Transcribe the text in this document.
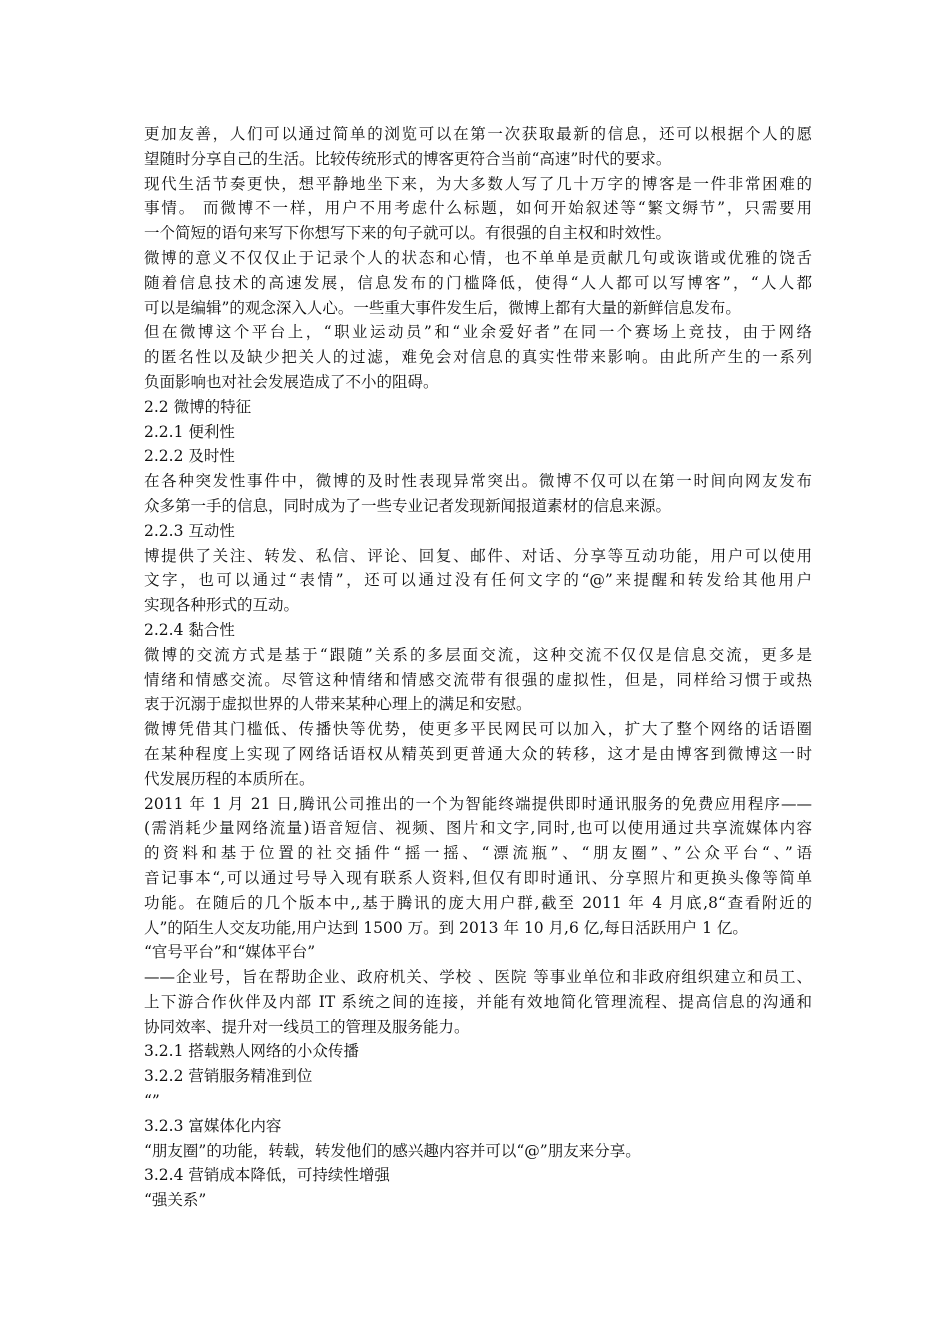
更加友善，人们可以通过简单的浏览可以在第一次获取最新的信息，还可以根据个人的愿
望随时分享自己的生活。比较传统形式的博客更符合当前“高速”时代的要求。
现代生活节奏更快，想平静地坐下来，为大多数人写了几十万字的博客是一件非常困难的
事情。 而微博不一样，用户不用考虑什么标题，如何开始叙述等“繁文缛节”，只需要用
一个简短的语句来写下你想写下来的句子就可以。有很强的自主权和时效性。
微博的意义不仅仅止于记录个人的状态和心情，也不单单是贡献几句或诙谐或优雅的饶舌
随着信息技术的高速发展，信息发布的门槛降低，使得“人人都可以写博客”，“人人都
可以是编辑”的观念深入人心。一些重大事件发生后，微博上都有大量的新鲜信息发布。
但在微博这个平台上，“职业运动员”和“业余爱好者”在同一个赛场上竞技，由于网络
的匿名性以及缺少把关人的过滤，难免会对信息的真实性带来影响。由此所产生的一系列
负面影响也对社会发展造成了不小的阻碍。
2.2 微博的特征
2.2.1 便利性
2.2.2 及时性
在各种突发性事件中，微博的及时性表现异常突出。微博不仅可以在第一时间向网友发布
众多第一手的信息，同时成为了一些专业记者发现新闻报道素材的信息来源。
2.2.3 互动性
博提供了关注、转发、私信、评论、回复、邮件、对话、分享等互动功能，用户可以使用
文字，也可以通过“表情”，还可以通过没有任何文字的“@”来提醒和转发给其他用户
实现各种形式的互动。
2.2.4 黏合性
微博的交流方式是基于“跟随”关系的多层面交流，这种交流不仅仅是信息交流，更多是
情绪和情感交流。尽管这种情绪和情感交流带有很强的虚拟性，但是，同样给习惯于或热
衷于沉溺于虚拟世界的人带来某种心理上的满足和安慰。
微博凭借其门槛低、传播快等优势，使更多平民网民可以加入，扩大了整个网络的话语圈
在某种程度上实现了网络话语权从精英到更普通大众的转移，这才是由博客到微博这一时
代发展历程的本质所在。
2011 年 1 月 21 日,腾讯公司推出的一个为智能终端提供即时通讯服务的免费应用程序——
(需消耗少量网络流量)语音短信、视频、图片和文字,同时,也可以使用通过共享流媒体内容
的资料和基于位置的社交插件“摇一摇、“漂流瓶”、“朋友圈”、”公众平台“、”语
音记事本“,可以通过号导入现有联系人资料,但仅有即时通讯、分享照片和更换头像等简单
功能。在随后的几个版本中,,基于腾讯的庞大用户群,截至 2011 年 4 月底,8“查看附近的
人”的陌生人交友功能,用户达到 1500 万。到 2013 年 10 月,6 亿,每日活跃用户 1 亿。
“官号平台”和“媒体平台”
——企业号，旨在帮助企业、政府机关、学校 、医院 等事业单位和非政府组织建立和员工、
上下游合作伙伴及内部 IT 系统之间的连接，并能有效地简化管理流程、提高信息的沟通和
协同效率、提升对一线员工的管理及服务能力。
3.2.1 搭载熟人网络的小众传播
3.2.2 营销服务精准到位
“”
3.2.3 富媒体化内容
“朋友圈”的功能，转载，转发他们的感兴趣内容并可以“@”朋友来分享。
3.2.4 营销成本降低，可持续性增强
“强关系”
